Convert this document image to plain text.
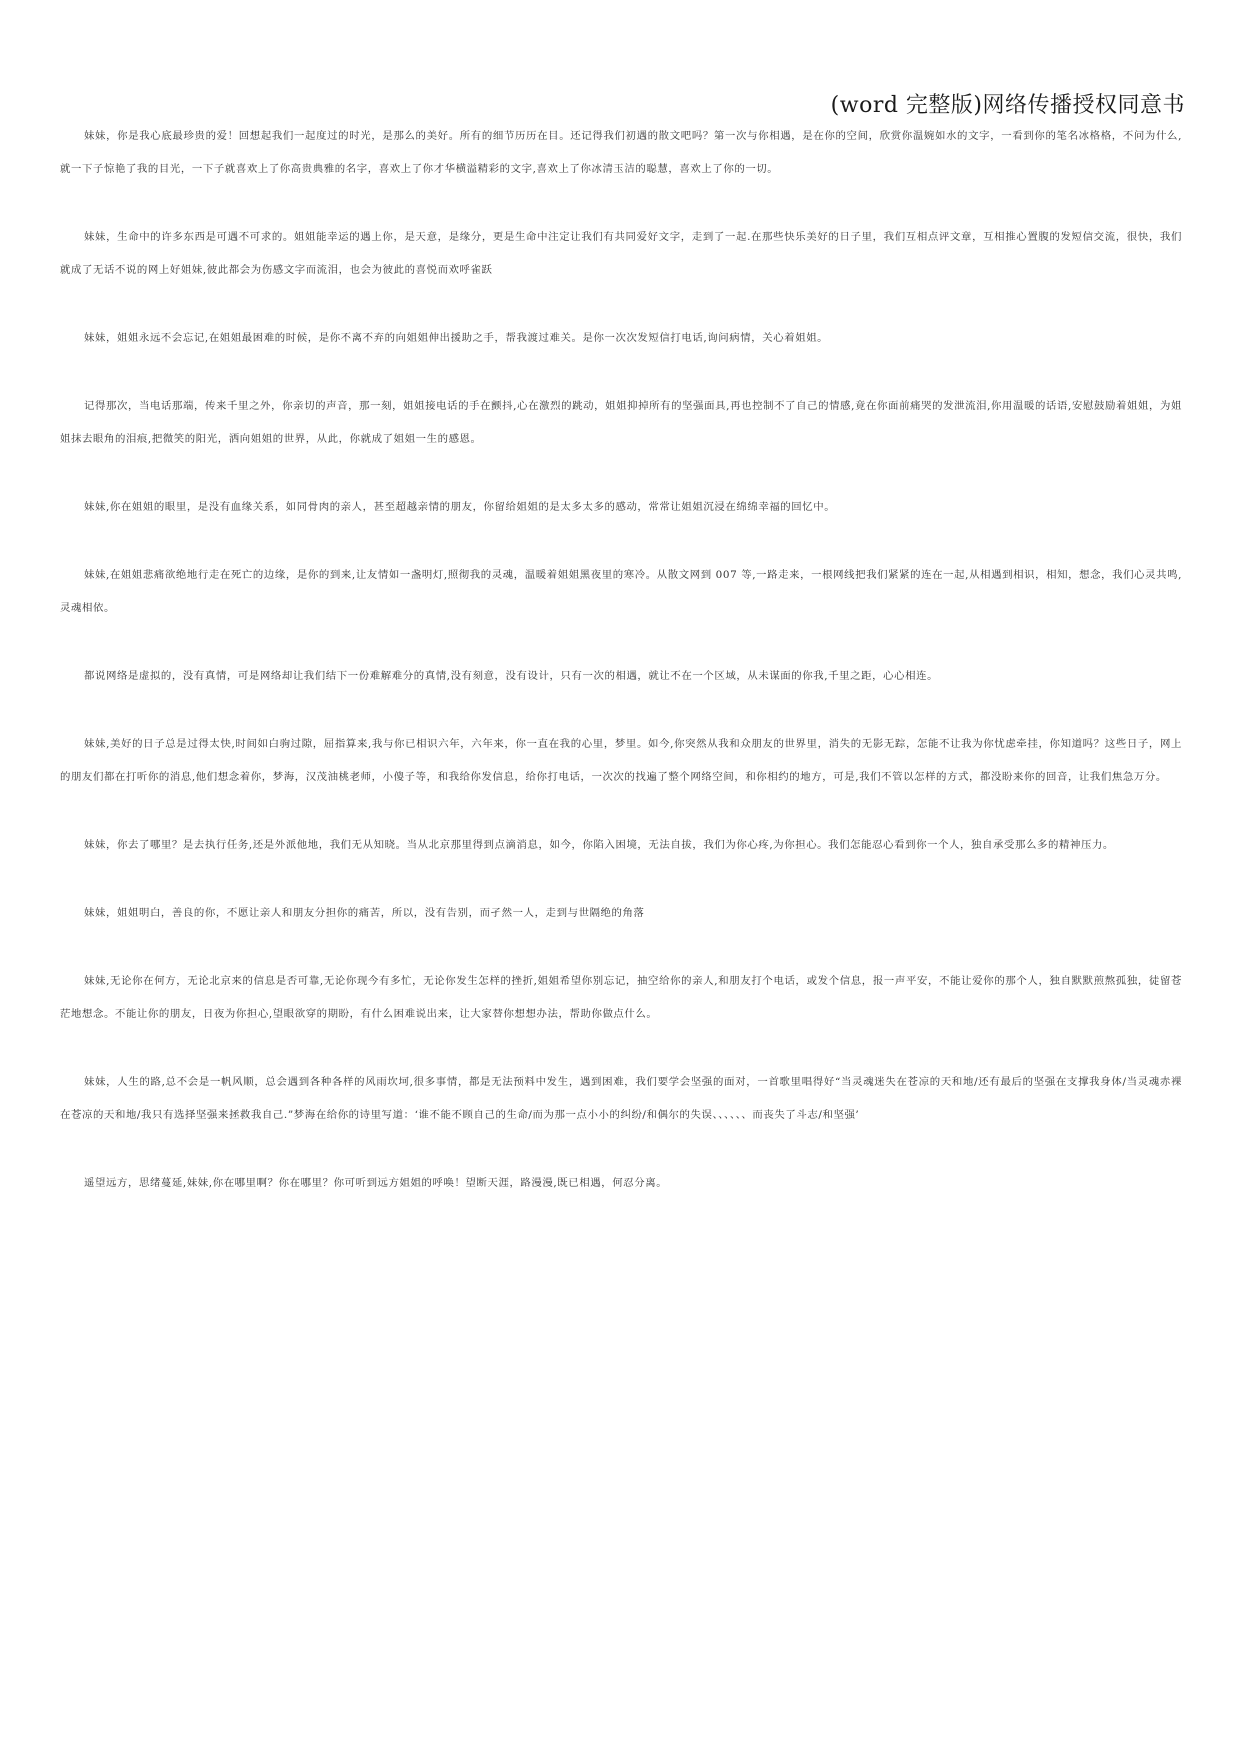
(word 完整版)网络传播授权同意书

妹妹，你是我心底最珍贵的爱！回想起我们一起度过的时光，是那么的美好。所有的细节历历在目。还记得我们初遇的散文吧吗？第一次与你相遇，是在你的空间，欣赏你温婉如水的文字，一看到你的笔名冰格格，不问为什么,就一下子惊艳了我的目光，一下子就喜欢上了你高贵典雅的名字，喜欢上了你才华横溢精彩的文字,喜欢上了你冰清玉洁的聪慧，喜欢上了你的一切。

妹妹，生命中的许多东西是可遇不可求的。姐姐能幸运的遇上你，是天意，是缘分，更是生命中注定让我们有共同爱好文字，走到了一起.在那些快乐美好的日子里，我们互相点评文章，互相推心置腹的发短信交流，很快，我们就成了无话不说的网上好姐妹,彼此都会为伤感文字而流泪，也会为彼此的喜悦而欢呼雀跃

妹妹，姐姐永远不会忘记,在姐姐最困难的时候，是你不离不弃的向姐姐伸出援助之手，帮我渡过难关。是你一次次发短信打电话,询问病情，关心着姐姐。

记得那次，当电话那端，传来千里之外，你亲切的声音，那一刻，姐姐接电话的手在颤抖,心在激烈的跳动，姐姐抑掉所有的坚强面具,再也控制不了自己的情感,竟在你面前痛哭的发泄流泪,你用温暖的话语,安慰鼓励着姐姐，为姐姐抹去眼角的泪痕,把微笑的阳光，洒向姐姐的世界，从此，你就成了姐姐一生的感恩。

妹妹,你在姐姐的眼里，是没有血缘关系，如同骨肉的亲人，甚至超越亲情的朋友，你留给姐姐的是太多太多的感动，常常让姐姐沉浸在绵绵幸福的回忆中。

妹妹,在姐姐悲痛欲绝地行走在死亡的边缘，是你的到来,让友情如一盏明灯,照彻我的灵魂，温暖着姐姐黑夜里的寒冷。从散文网到 007 等,一路走来，一根网线把我们紧紧的连在一起,从相遇到相识，相知，想念，我们心灵共鸣,灵魂相依。

都说网络是虚拟的，没有真情，可是网络却让我们结下一份难解难分的真情,没有刻意，没有设计，只有一次的相遇，就让不在一个区域，从未谋面的你我,千里之距，心心相连。

妹妹,美好的日子总是过得太快,时间如白驹过隙，屈指算来,我与你已相识六年，六年来，你一直在我的心里，梦里。如今,你突然从我和众朋友的世界里，消失的无影无踪，怎能不让我为你忧虑牵挂，你知道吗？这些日子，网上的朋友们都在打听你的消息,他们想念着你，梦海，汉茂油桃老师，小傻子等，和我给你发信息，给你打电话，一次次的找遍了整个网络空间，和你相约的地方，可是,我们不管以怎样的方式，都没盼来你的回音，让我们焦急万分。

妹妹，你去了哪里？是去执行任务,还是外派他地，我们无从知晓。当从北京那里得到点滴消息，如今，你陷入困境，无法自拔，我们为你心疼,为你担心。我们怎能忍心看到你一个人，独自承受那么多的精神压力。

妹妹，姐姐明白，善良的你，不愿让亲人和朋友分担你的痛苦，所以，没有告别，而孑然一人，走到与世隔绝的角落

妹妹,无论你在何方，无论北京来的信息是否可靠,无论你现今有多忙，无论你发生怎样的挫折,姐姐希望你别忘记，抽空给你的亲人,和朋友打个电话，或发个信息，报一声平安，不能让爱你的那个人，独自默默煎熬孤独，徒留苍茫地想念。不能让你的朋友，日夜为你担心,望眼欲穿的期盼，有什么困难说出来，让大家替你想想办法，帮助你做点什么。

妹妹，人生的路,总不会是一帆风顺，总会遇到各种各样的风雨坎坷,很多事情，都是无法预料中发生，遇到困难，我们要学会坚强的面对，一首歌里唱得好“当灵魂迷失在苍凉的天和地/还有最后的坚强在支撑我身体/当灵魂赤裸在苍凉的天和地/我只有选择坚强来拯救我自己.”梦海在给你的诗里写道：‘谁不能不顾自己的生命/而为那一点小小的纠纷/和偶尔的失误、、、、、、而丧失了斗志/和坚强’

遥望远方，思绪蔓延,妹妹,你在哪里啊？你在哪里？你可听到远方姐姐的呼唤！望断天涯，路漫漫,既已相遇，何忍分离。
